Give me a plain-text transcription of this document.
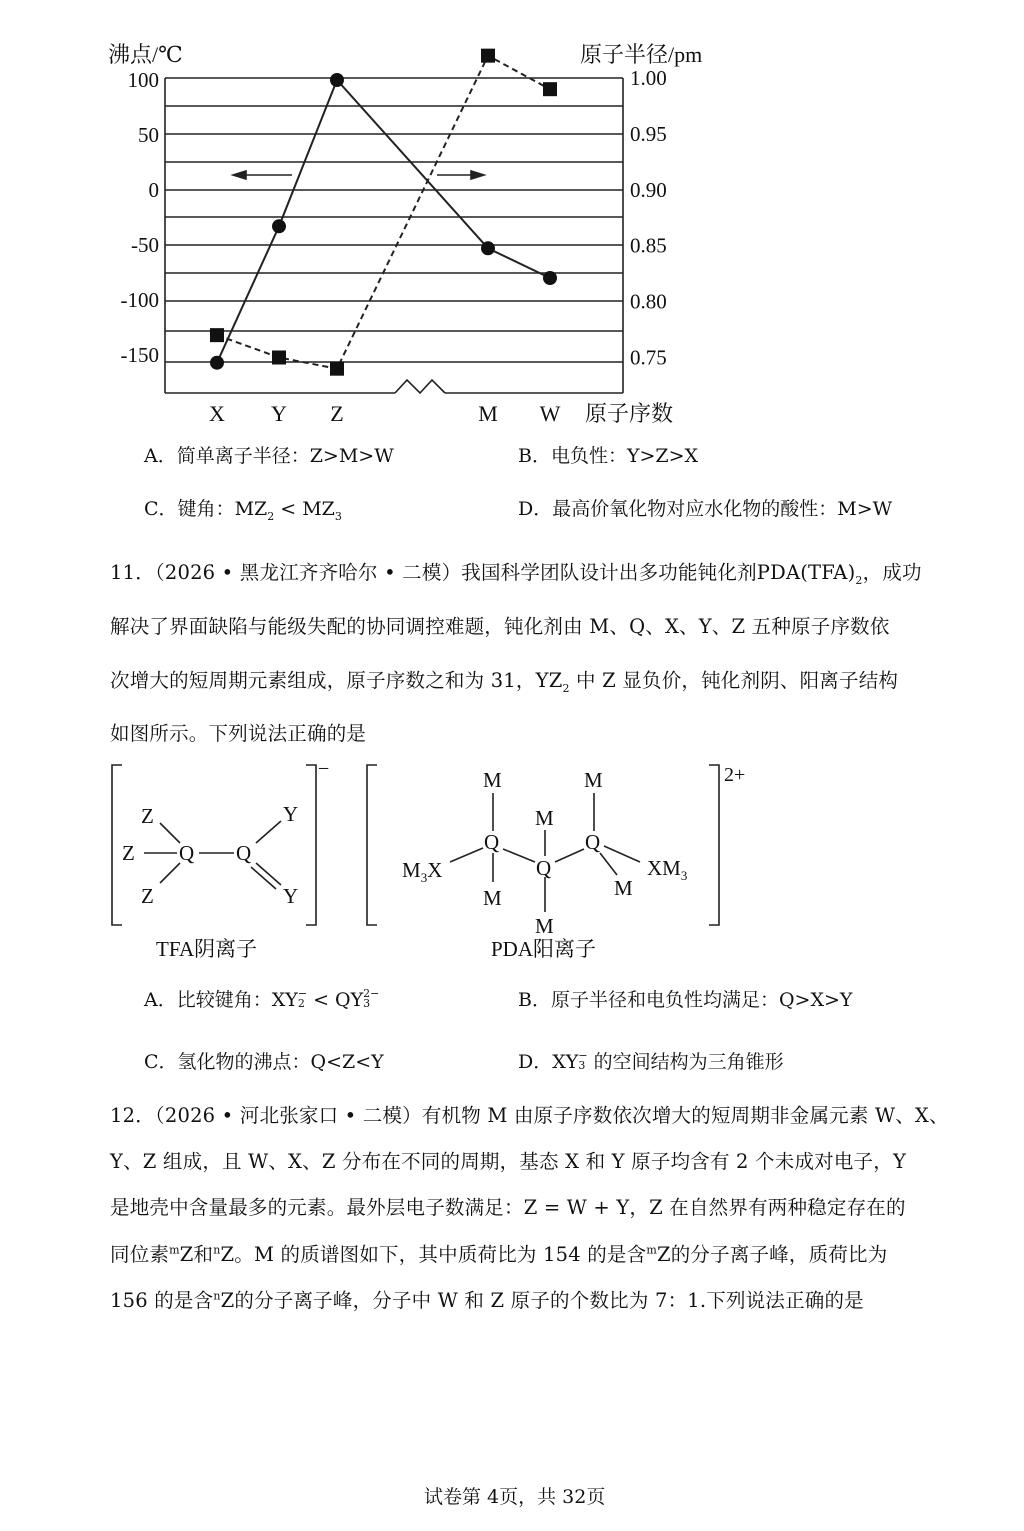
沸点/℃	原子半径/pm
100
50
0
-50
-100
-150
1.00
0.95
0.90
0.85
0.80
0.75
X Y Z	M W 原子序数
A．简单离子半径：Z>M>W	B．电负性：Y>Z>X
C．键角：$MZ_2 < MZ_3$	D．最高价氧化物对应水化物的酸性：M>W
11．（2026 • 黑龙江齐齐哈尔 • 二模）我国科学团队设计出多功能钝化剂$PDA(TFA)_2$，成功
解决了界面缺陷与能级失配的协同调控难题，钝化剂由 M、Q、X、Y、Z 五种原子序数依
次增大的短周期元素组成，原子序数之和为 31，$YZ_2$ 中 Z 显负价，钝化剂阴、阳离子结构
如图所示。下列说法正确的是
Z
Z
Z
Q Q
Y
Y
M
Q
M
M
Q
M
M
Q
M
$M_3X$	$XM_3$
−	2+
TFA阴离子	PDA阳离子
A．比较键角：XY −
2 < QY 2−
3	B．原子半径和电负性均满足：Q>X>Y
C．氢化物的沸点：Q<Z<Y	D．XY −
3 的空间结构为三角锥形
12．（2026 • 河北张家口 • 二模）有机物 M 由原子序数依次增大的短周期非金属元素 W、X、
Y、Z 组成，且 W、X、Z 分布在不同的周期，基态 X 和 Y 原子均含有 2 个未成对电子，Y
是地壳中含量最多的元素。最外层电子数满足：Z = W + Y，Z 在自然界有两种稳定存在的
同位素$^m$Z和$^n$Z。M 的质谱图如下，其中质荷比为 154 的是含$^m$Z的分子离子峰，质荷比为
156 的是含$^n$Z的分子离子峰，分子中 W 和 Z 原子的个数比为 7：1.下列说法正确的是
试卷第 4页，共 32页
